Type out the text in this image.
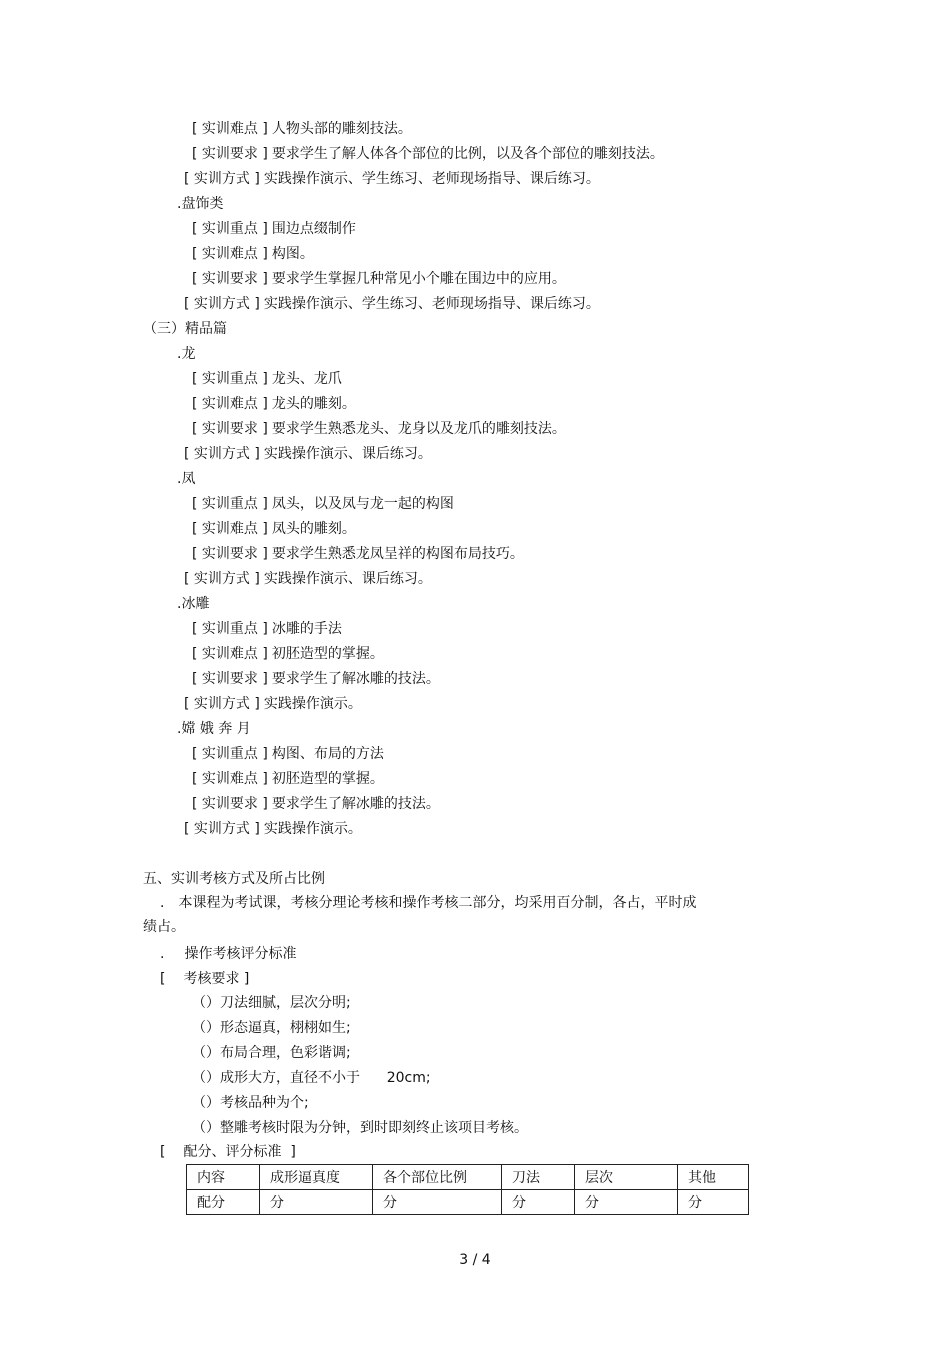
[ 实训难点 ] 人物头部的雕刻技法。
[ 实训要求 ] 要求学生了解人体各个部位的比例，以及各个部位的雕刻技法。
[ 实训方式 ] 实践操作演示、学生练习、老师现场指导、课后练习。
.盘饰类
[ 实训重点 ] 围边点缀制作
[ 实训难点 ] 构图。
[ 实训要求 ] 要求学生掌握几种常见小个雕在围边中的应用。
[ 实训方式 ] 实践操作演示、学生练习、老师现场指导、课后练习。
（三）精品篇
.龙
[ 实训重点 ] 龙头、龙爪
[ 实训难点 ] 龙头的雕刻。
[ 实训要求 ] 要求学生熟悉龙头、龙身以及龙爪的雕刻技法。
[ 实训方式 ] 实践操作演示、课后练习。
.凤
[ 实训重点 ] 凤头，以及凤与龙一起的构图
[ 实训难点 ] 凤头的雕刻。
[ 实训要求 ] 要求学生熟悉龙凤呈祥的构图布局技巧。
[ 实训方式 ] 实践操作演示、课后练习。
.冰雕
[ 实训重点 ] 冰雕的手法
[ 实训难点 ] 初胚造型的掌握。
[ 实训要求 ] 要求学生了解冰雕的技法。
[ 实训方式 ] 实践操作演示。
.嫦 娥 奔 月
[ 实训重点 ] 构图、布局的方法
[ 实训难点 ] 初胚造型的掌握。
[ 实训要求 ] 要求学生了解冰雕的技法。
[ 实训方式 ] 实践操作演示。
五、实训考核方式及所占比例
. 本课程为考试课，考核分理论考核和操作考核二部分，均采用百分制，各占，平时成
绩占。
. 操作考核评分标准
[ 考核要求 ]
（）刀法细腻，层次分明;
（）形态逼真，栩栩如生;
（）布局合理，色彩谐调;
（）成形大方，直径不小于      20cm;
（）考核品种为个;
（）整雕考核时限为分钟，到时即刻终止该项目考核。
[ 配分、评分标准  ]
内容	成形逼真度	各个部位比例	刀法	层次	其他
配分	分	分	分	分	分
3 / 4
